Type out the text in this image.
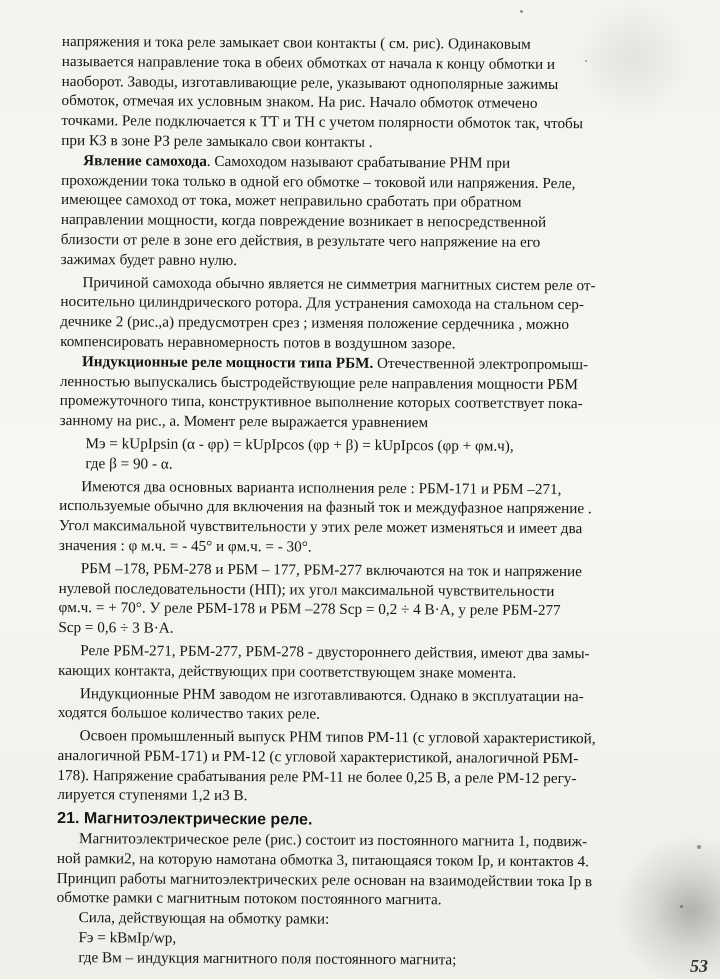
напряжения и тока реле замыкает свои контакты ( см. рис). Одинаковым

называется направление тока в обеих обмотках от начала к концу обмотки и

наоборот. Заводы, изготавливающие реле, указывают однополярные зажимы

обмоток, отмечая их условным знаком. На рис. Начало обмоток отмечено

точками. Реле подключается к ТТ и ТН с учетом полярности обмоток так, чтобы

при КЗ в зоне РЗ реле замыкало свои контакты .

Явление самохода. Самоходом называют срабатывание РНМ при

прохождении тока только в одной его обмотке – токовой или напряжения. Реле,

имеющее самоход от тока, может неправильно сработать при обратном

направлении мощности, когда повреждение возникает в непосредственной

близости от реле в зоне его действия, в результате чего напряжение на его

зажимах будет равно нулю.

Причиной самохода обычно является не симметрия магнитных систем реле от-

носительно цилиндрического ротора. Для устранения самохода на стальном сер-

дечнике 2 (рис.,а) предусмотрен срез ; изменяя положение сердечника , можно

компенсировать неравномерность потов в воздушном зазоре.

Индукционные реле мощности типа РБМ. Отечественной электропромыш-

ленностью выпускались быстродействующие реле направления мощности РБМ

промежуточного типа, конструктивное выполнение которых соответствует пока-

занному на рис., а. Момент реле выражается уравнением

Mэ = kUpIpsin (α - φр) = kUpIpcos (φр + β) = kUpIpcos (φр + φм.ч),

где β = 90 - α.

Имеются два основных варианта исполнения реле : РБМ-171 и РБМ –271,

используемые обычно для включения на фазный ток и междуфазное напряжение .

Угол максимальной чувствительности у этих реле может изменяться и имеет два

значения : φ м.ч. = - 45° и φм.ч. = - 30°.

РБМ –178, РБМ-278 и РБМ – 177, РБМ-277 включаются на ток и напряжение

нулевой последовательности (НП); их угол максимальной чувствительности

φм.ч. = + 70°. У реле РБМ-178 и РБМ –278 Sср = 0,2 ÷ 4 В·А, у реле РБМ-277

Sср = 0,6 ÷ 3 В·А.

Реле РБМ-271, РБМ-277, РБМ-278 - двустороннего действия, имеют два замы-

кающих контакта, действующих при соответствующем знаке момента.

Индукционные РНМ заводом не изготавливаются. Однако в эксплуатации на-

ходятся большое количество таких реле.

Освоен промышленный выпуск РНМ типов РМ-11 (с угловой характеристикой,

аналогичной РБМ-171) и РМ-12 (с угловой характеристикой, аналогичной РБМ-

178). Напряжение срабатывания реле РМ-11 не более 0,25 В, а реле РМ-12 регу-

лируется ступенями 1,2 и3 В.

21. Магнитоэлектрические реле.

Магнитоэлектрическое реле (рис.) состоит из постоянного магнита 1, подвиж-

ной рамки2, на которую намотана обмотка 3, питающаяся током Iр, и контактов 4.

Принцип работы магнитоэлектрических реле основан на взаимодействии тока Iр в

обмотке рамки с магнитным потоком постоянного магнита.

Сила, действующая на обмотку рамки:

Fэ = kВмIр/wр,

где Вм – индукция магнитного поля постоянного магнита;	53
